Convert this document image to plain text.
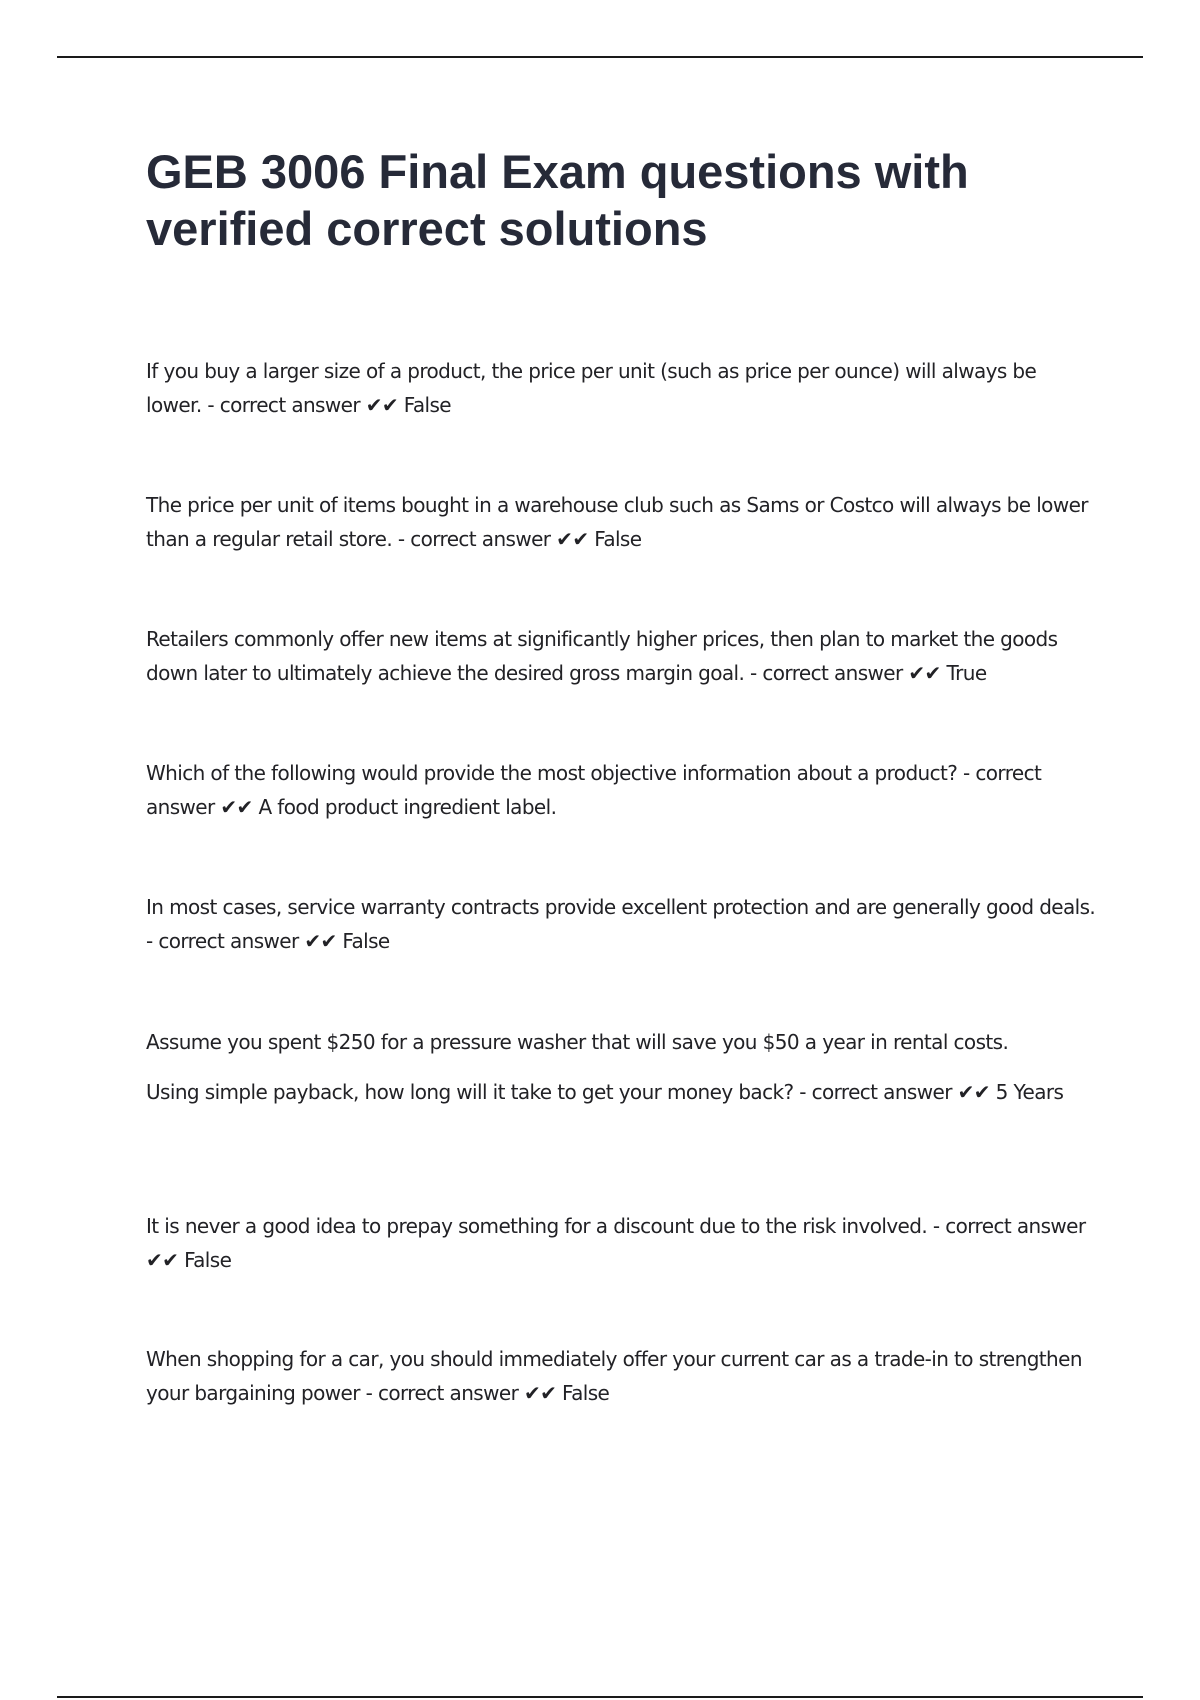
GEB 3006 Final Exam questions with verified correct solutions

If you buy a larger size of a product, the price per unit (such as price per ounce) will always be lower. - correct answer ✔✔ False

The price per unit of items bought in a warehouse club such as Sams or Costco will always be lower than a regular retail store. - correct answer ✔✔ False

Retailers commonly offer new items at significantly higher prices, then plan to market the goods down later to ultimately achieve the desired gross margin goal. - correct answer ✔✔ True

Which of the following would provide the most objective information about a product? - correct answer ✔✔ A food product ingredient label.

In most cases, service warranty contracts provide excellent protection and are generally good deals. - correct answer ✔✔ False

Assume you spent $250 for a pressure washer that will save you $50 a year in rental costs.

Using simple payback, how long will it take to get your money back? - correct answer ✔✔ 5 Years

It is never a good idea to prepay something for a discount due to the risk involved. - correct answer ✔✔ False

When shopping for a car, you should immediately offer your current car as a trade-in to strengthen your bargaining power - correct answer ✔✔ False
